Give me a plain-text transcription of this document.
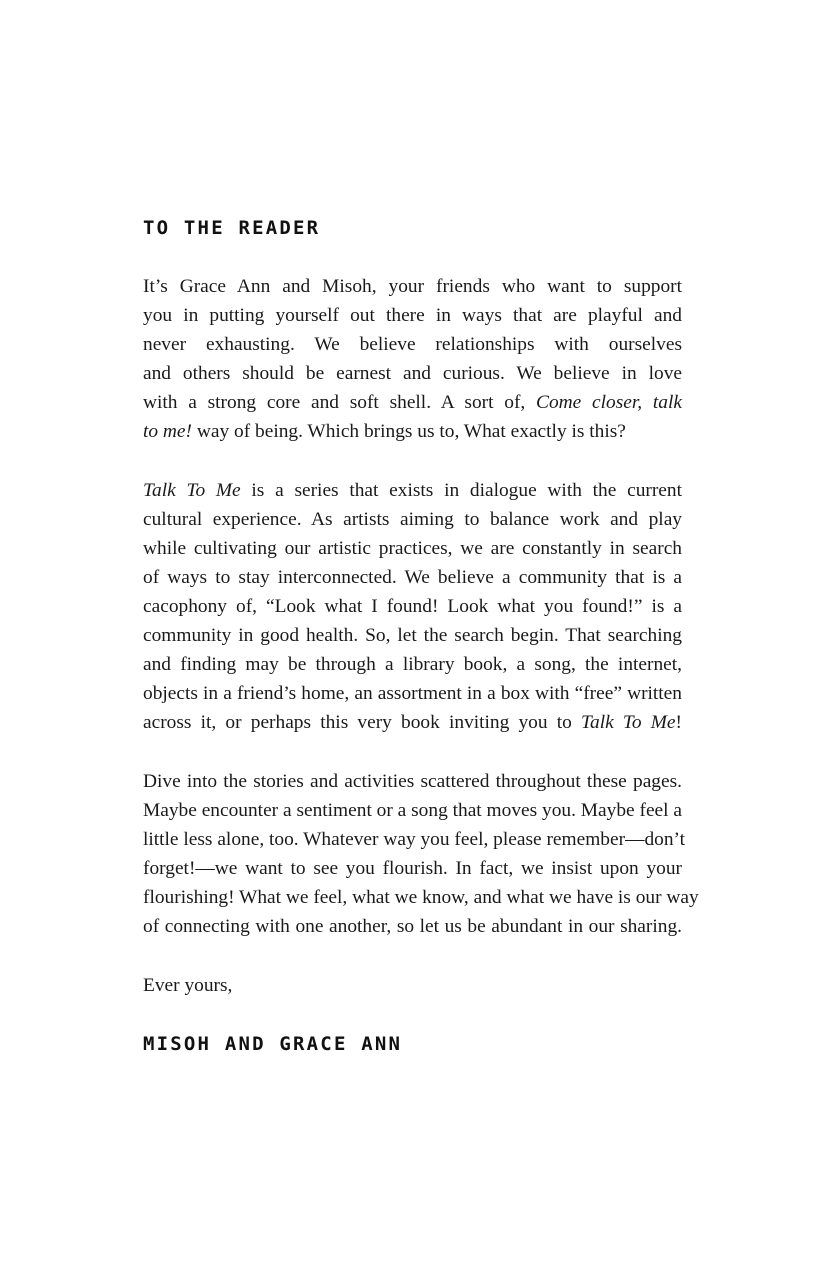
TO THE READER

It’s Grace Ann and Misoh, your friends who want to support
you in putting yourself out there in ways that are playful and
never exhausting. We believe relationships with ourselves
and others should be earnest and curious. We believe in love
with a strong core and soft shell. A sort of, Come closer, talk
to me! way of being. Which brings us to, What exactly is this?

Talk To Me is a series that exists in dialogue with the current
cultural experience. As artists aiming to balance work and play
while cultivating our artistic practices, we are constantly in search
of ways to stay interconnected. We believe a community that is a
cacophony of, “Look what I found! Look what you found!” is a
community in good health. So, let the search begin. That searching
and finding may be through a library book, a song, the internet,
objects in a friend’s home, an assortment in a box with “free” written
across it, or perhaps this very book inviting you to Talk To Me!

Dive into the stories and activities scattered throughout these pages.
Maybe encounter a sentiment or a song that moves you. Maybe feel a
little less alone, too. Whatever way you feel, please remember—don’t
forget!—we want to see you flourish. In fact, we insist upon your
flourishing! What we feel, what we know, and what we have is our way
of connecting with one another, so let us be abundant in our sharing.

Ever yours,

MISOH AND GRACE ANN
